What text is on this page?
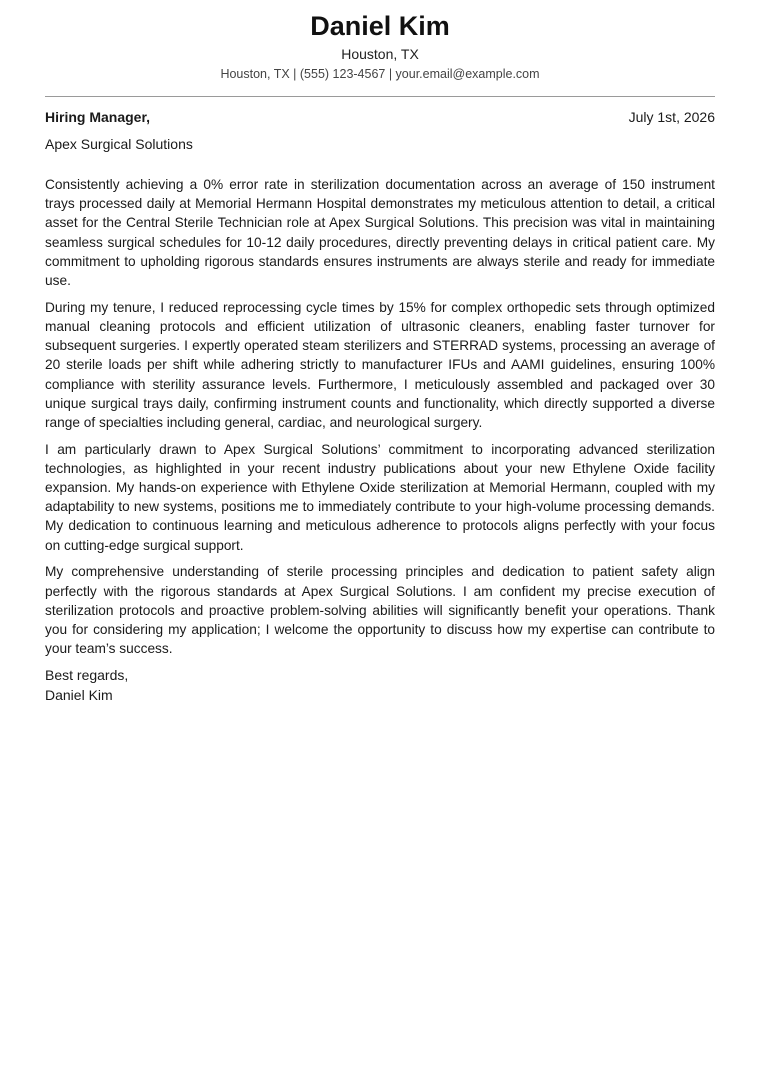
Daniel Kim
Houston, TX
Houston, TX | (555) 123-4567 | your.email@example.com
Hiring Manager,	July 1st, 2026
Apex Surgical Solutions

Consistently achieving a 0% error rate in sterilization documentation across an average of 150 instrument trays processed daily at Memorial Hermann Hospital demonstrates my meticulous attention to detail, a critical asset for the Central Sterile Technician role at Apex Surgical Solutions. This precision was vital in maintaining seamless surgical schedules for 10-12 daily procedures, directly preventing delays in critical patient care. My commitment to upholding rigorous standards ensures instruments are always sterile and ready for immediate use.

During my tenure, I reduced reprocessing cycle times by 15% for complex orthopedic sets through optimized manual cleaning protocols and efficient utilization of ultrasonic cleaners, enabling faster turnover for subsequent surgeries. I expertly operated steam sterilizers and STERRAD systems, processing an average of 20 sterile loads per shift while adhering strictly to manufacturer IFUs and AAMI guidelines, ensuring 100% compliance with sterility assurance levels. Furthermore, I meticulously assembled and packaged over 30 unique surgical trays daily, confirming instrument counts and functionality, which directly supported a diverse range of specialties including general, cardiac, and neurological surgery.

I am particularly drawn to Apex Surgical Solutions’ commitment to incorporating advanced sterilization technologies, as highlighted in your recent industry publications about your new Ethylene Oxide facility expansion. My hands-on experience with Ethylene Oxide sterilization at Memorial Hermann, coupled with my adaptability to new systems, positions me to immediately contribute to your high-volume processing demands. My dedication to continuous learning and meticulous adherence to protocols aligns perfectly with your focus on cutting-edge surgical support.

My comprehensive understanding of sterile processing principles and dedication to patient safety align perfectly with the rigorous standards at Apex Surgical Solutions. I am confident my precise execution of sterilization protocols and proactive problem-solving abilities will significantly benefit your operations. Thank you for considering my application; I welcome the opportunity to discuss how my expertise can contribute to your team’s success.

Best regards,
Daniel Kim
